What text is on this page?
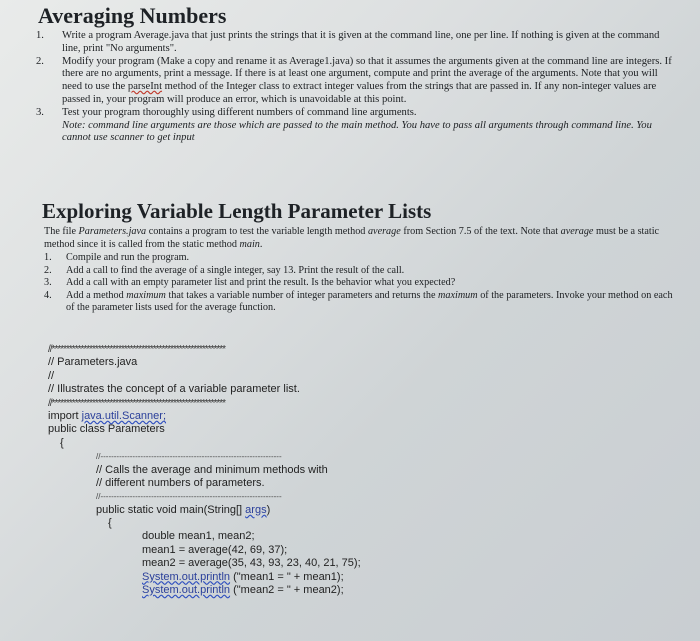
Averaging Numbers

1. Write a program Average.java that just prints the strings that it is given at the command line, one per line. If nothing is given at the command line, print "No arguments".

2. Modify your program (Make a copy and rename it as Average1.java) so that it assumes the arguments given at the command line are integers. If there are no arguments, print a message. If there is at least one argument, compute and print the average of the arguments. Note that you will need to use the parseInt method of the Integer class to extract integer values from the strings that are passed in. If any non-integer values are passed in, your program will produce an error, which is unavoidable at this point.

3. Test your program thoroughly using different numbers of command line arguments.
Note: command line arguments are those which are passed to the main method. You have to pass all arguments through command line. You cannot use scanner to get input

Exploring Variable Length Parameter Lists
The file Parameters.java contains a program to test the variable length method average from Section 7.5 of the text. Note that average must be a static method since it is called from the static method main.

1. Compile and run the program.

2. Add a call to find the average of a single integer, say 13. Print the result of the call.

3. Add a call with an empty parameter list and print the result. Is the behavior what you expected?

4. Add a method maximum that takes a variable number of integer parameters and returns the maximum of the parameters. Invoke your method on each of the parameter lists used for the average function.

//************************************************************
// Parameters.java
//
// Illustrates the concept of a variable parameter list.
//************************************************************
import java.util.Scanner;
public class Parameters
{
//--------------------------------------------------------------------
// Calls the average and minimum methods with
// different numbers of parameters.
//--------------------------------------------------------------------
public static void main(String[] args)
{
double mean1, mean2;
mean1 = average(42, 69, 37);
mean2 = average(35, 43, 93, 23, 40, 21, 75);
System.out.println ("mean1 = " + mean1);
System.out.println ("mean2 = " + mean2);
